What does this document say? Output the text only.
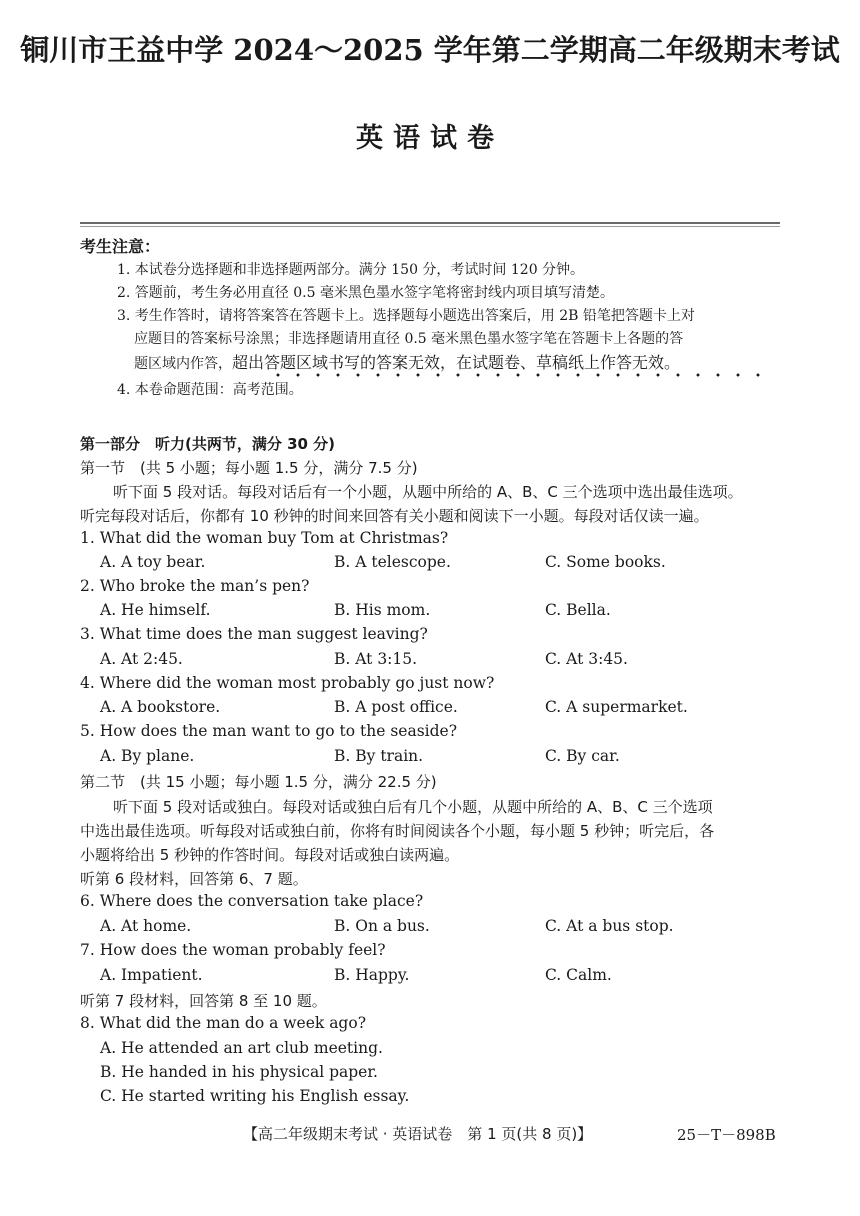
铜川市王益中学 2024～2025 学年第二学期高二年级期末考试
英语试卷
考生注意：
1. 本试卷分选择题和非选择题两部分。满分 150 分，考试时间 120 分钟。
2. 答题前，考生务必用直径 0.5 毫米黑色墨水签字笔将密封线内项目填写清楚。
3. 考生作答时，请将答案答在答题卡上。选择题每小题选出答案后，用 2B 铅笔把答题卡上对
应题目的答案标号涂黑；非选择题请用直径 0.5 毫米黑色墨水签字笔在答题卡上各题的答
题区域内作答，超出答题区域书写的答案无效，在试题卷、草稿纸上作答无效。
4. 本卷命题范围：高考范围。
第一部分　听力(共两节，满分 30 分)
第一节　(共 5 小题；每小题 1.5 分，满分 7.5 分)
听下面 5 段对话。每段对话后有一个小题，从题中所给的 A、B、C 三个选项中选出最佳选项。
听完每段对话后，你都有 10 秒钟的时间来回答有关小题和阅读下一小题。每段对话仅读一遍。
1. What did the woman buy Tom at Christmas?
A. A toy bear.	B. A telescope.	C. Some books.
2. Who broke the man’s pen?
A. He himself.	B. His mom.	C. Bella.
3. What time does the man suggest leaving?
A. At 2:45.	B. At 3:15.	C. At 3:45.
4. Where did the woman most probably go just now?
A. A bookstore.	B. A post office.	C. A supermarket.
5. How does the man want to go to the seaside?
A. By plane.	B. By train.	C. By car.
第二节　(共 15 小题；每小题 1.5 分，满分 22.5 分)
听下面 5 段对话或独白。每段对话或独白后有几个小题，从题中所给的 A、B、C 三个选项
中选出最佳选项。听每段对话或独白前，你将有时间阅读各个小题，每小题 5 秒钟；听完后，各
小题将给出 5 秒钟的作答时间。每段对话或独白读两遍。
听第 6 段材料，回答第 6、7 题。
6. Where does the conversation take place?
A. At home.	B. On a bus.	C. At a bus stop.
7. How does the woman probably feel?
A. Impatient.	B. Happy.	C. Calm.
听第 7 段材料，回答第 8 至 10 题。
8. What did the man do a week ago?
A. He attended an art club meeting.
B. He handed in his physical paper.
C. He started writing his English essay.
【高二年级期末考试 · 英语试卷　第 1 页(共 8 页)】	25－T－898B
